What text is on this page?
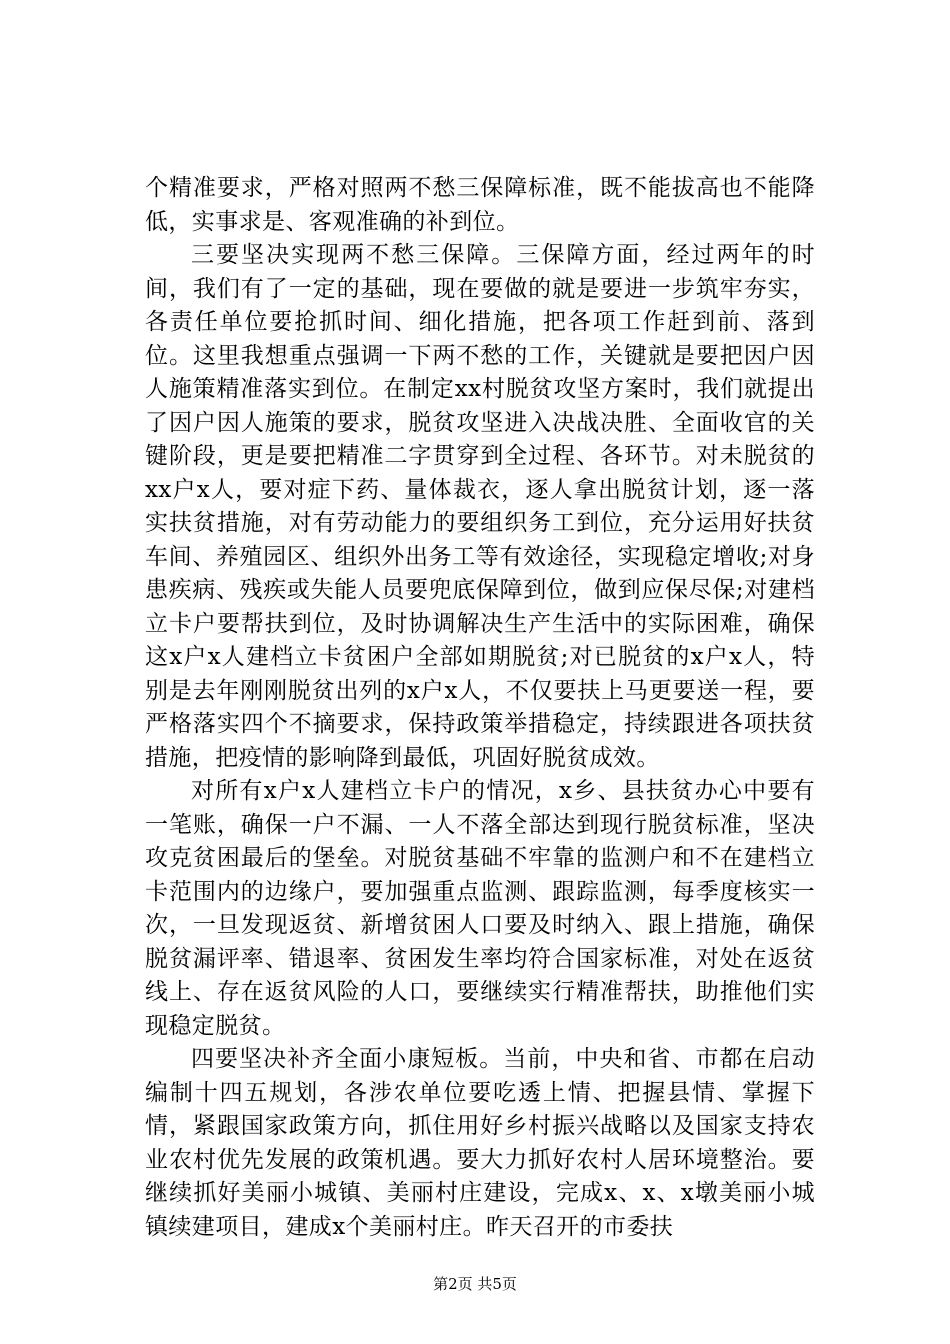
个精准要求，严格对照两不愁三保障标准，既不能拔高也不能降低，实事求是、客观准确的补到位。

三要坚决实现两不愁三保障。三保障方面，经过两年的时间，我们有了一定的基础，现在要做的就是要进一步筑牢夯实，各责任单位要抢抓时间、细化措施，把各项工作赶到前、落到位。这里我想重点强调一下两不愁的工作，关键就是要把因户因人施策精准落实到位。在制定xx村脱贫攻坚方案时，我们就提出了因户因人施策的要求，脱贫攻坚进入决战决胜、全面收官的关键阶段，更是要把精准二字贯穿到全过程、各环节。对未脱贫的xx户x人，要对症下药、量体裁衣，逐人拿出脱贫计划，逐一落实扶贫措施，对有劳动能力的要组织务工到位，充分运用好扶贫车间、养殖园区、组织外出务工等有效途径，实现稳定增收;对身患疾病、残疾或失能人员要兜底保障到位，做到应保尽保;对建档立卡户要帮扶到位，及时协调解决生产生活中的实际困难，确保这x户x人建档立卡贫困户全部如期脱贫;对已脱贫的x户x人，特别是去年刚刚脱贫出列的x户x人，不仅要扶上马更要送一程，要严格落实四个不摘要求，保持政策举措稳定，持续跟进各项扶贫措施，把疫情的影响降到最低，巩固好脱贫成效。

对所有x户x人建档立卡户的情况，x乡、县扶贫办心中要有一笔账，确保一户不漏、一人不落全部达到现行脱贫标准，坚决攻克贫困最后的堡垒。对脱贫基础不牢靠的监测户和不在建档立卡范围内的边缘户，要加强重点监测、跟踪监测，每季度核实一次，一旦发现返贫、新增贫困人口要及时纳入、跟上措施，确保脱贫漏评率、错退率、贫困发生率均符合国家标准，对处在返贫线上、存在返贫风险的人口，要继续实行精准帮扶，助推他们实现稳定脱贫。

四要坚决补齐全面小康短板。当前，中央和省、市都在启动编制十四五规划，各涉农单位要吃透上情、把握县情、掌握下情，紧跟国家政策方向，抓住用好乡村振兴战略以及国家支持农业农村优先发展的政策机遇。要大力抓好农村人居环境整治。要继续抓好美丽小城镇、美丽村庄建设，完成x、x、x墩美丽小城镇续建项目，建成x个美丽村庄。昨天召开的市委扶

第2页 共5页
